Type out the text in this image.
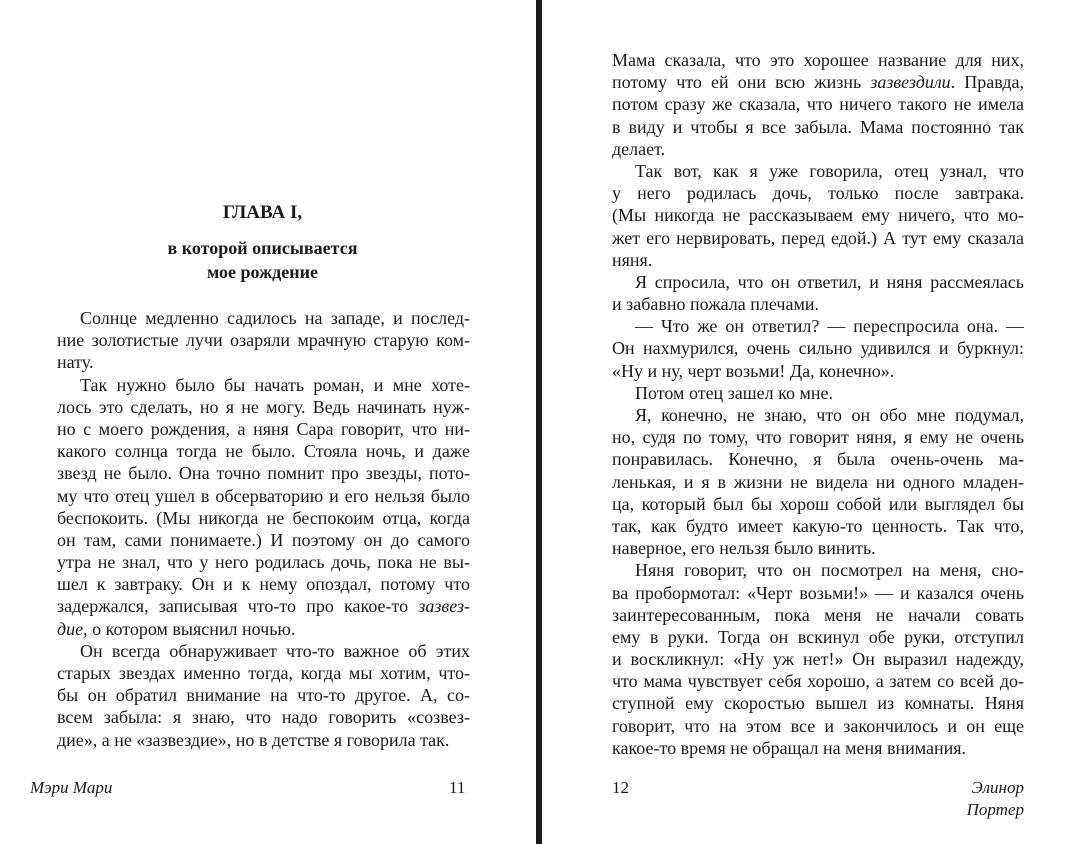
ГЛАВА I,
в которой описывается
мое рождение
Солнце медленно садилось на западе, и послед-
ние золотистые лучи озаряли мрачную старую ком-
нату.
Так нужно было бы начать роман, и мне хоте-
лось это сделать, но я не могу. Ведь начинать нуж-
но с моего рождения, а няня Сара говорит, что ни-
какого солнца тогда не было. Стояла ночь, и даже
звезд не было. Она точно помнит про звезды, пото-
му что отец ушел в обсерваторию и его нельзя было
беспокоить. (Мы никогда не беспокоим отца, когда
он там, сами понимаете.) И поэтому он до самого
утра не знал, что у него родилась дочь, пока не вы-
шел к завтраку. Он и к нему опоздал, потому что
задержался, записывая что-то про какое-то зазвез-
дие, о котором выяснил ночью.
Он всегда обнаруживает что-то важное об этих
старых звездах именно тогда, когда мы хотим, что-
бы он обратил внимание на что-то другое. А, со-
всем забыла: я знаю, что надо говорить «созвез-
дие», а не «зазвездие», но в детстве я говорила так.
Мэри Мари	11
Мама сказала, что это хорошее название для них,
потому что ей они всю жизнь зазвездили. Правда,
потом сразу же сказала, что ничего такого не имела
в виду и чтобы я все забыла. Мама постоянно так
делает.
Так вот, как я уже говорила, отец узнал, что
у него родилась дочь, только после завтрака.
(Мы никогда не рассказываем ему ничего, что мо-
жет его нервировать, перед едой.) А тут ему сказала
няня.
Я спросила, что он ответил, и няня рассмеялась
и забавно пожала плечами.
— Что же он ответил? — переспросила она. —
Он нахмурился, очень сильно удивился и буркнул:
«Ну и ну, черт возьми! Да, конечно».
Потом отец зашел ко мне.
Я, конечно, не знаю, что он обо мне подумал,
но, судя по тому, что говорит няня, я ему не очень
понравилась. Конечно, я была очень-очень ма-
ленькая, и я в жизни не видела ни одного младен-
ца, который был бы хорош собой или выглядел бы
так, как будто имеет какую-то ценность. Так что,
наверное, его нельзя было винить.
Няня говорит, что он посмотрел на меня, сно-
ва пробормотал: «Черт возьми!» — и казался очень
заинтересованным, пока меня не начали совать
ему в руки. Тогда он вскинул обе руки, отступил
и воскликнул: «Ну уж нет!» Он выразил надежду,
что мама чувствует себя хорошо, а затем со всей до-
ступной ему скоростью вышел из комнаты. Няня
говорит, что на этом все и закончилось и он еще
какое-то время не обращал на меня внимания.
12	Элинор Портер
